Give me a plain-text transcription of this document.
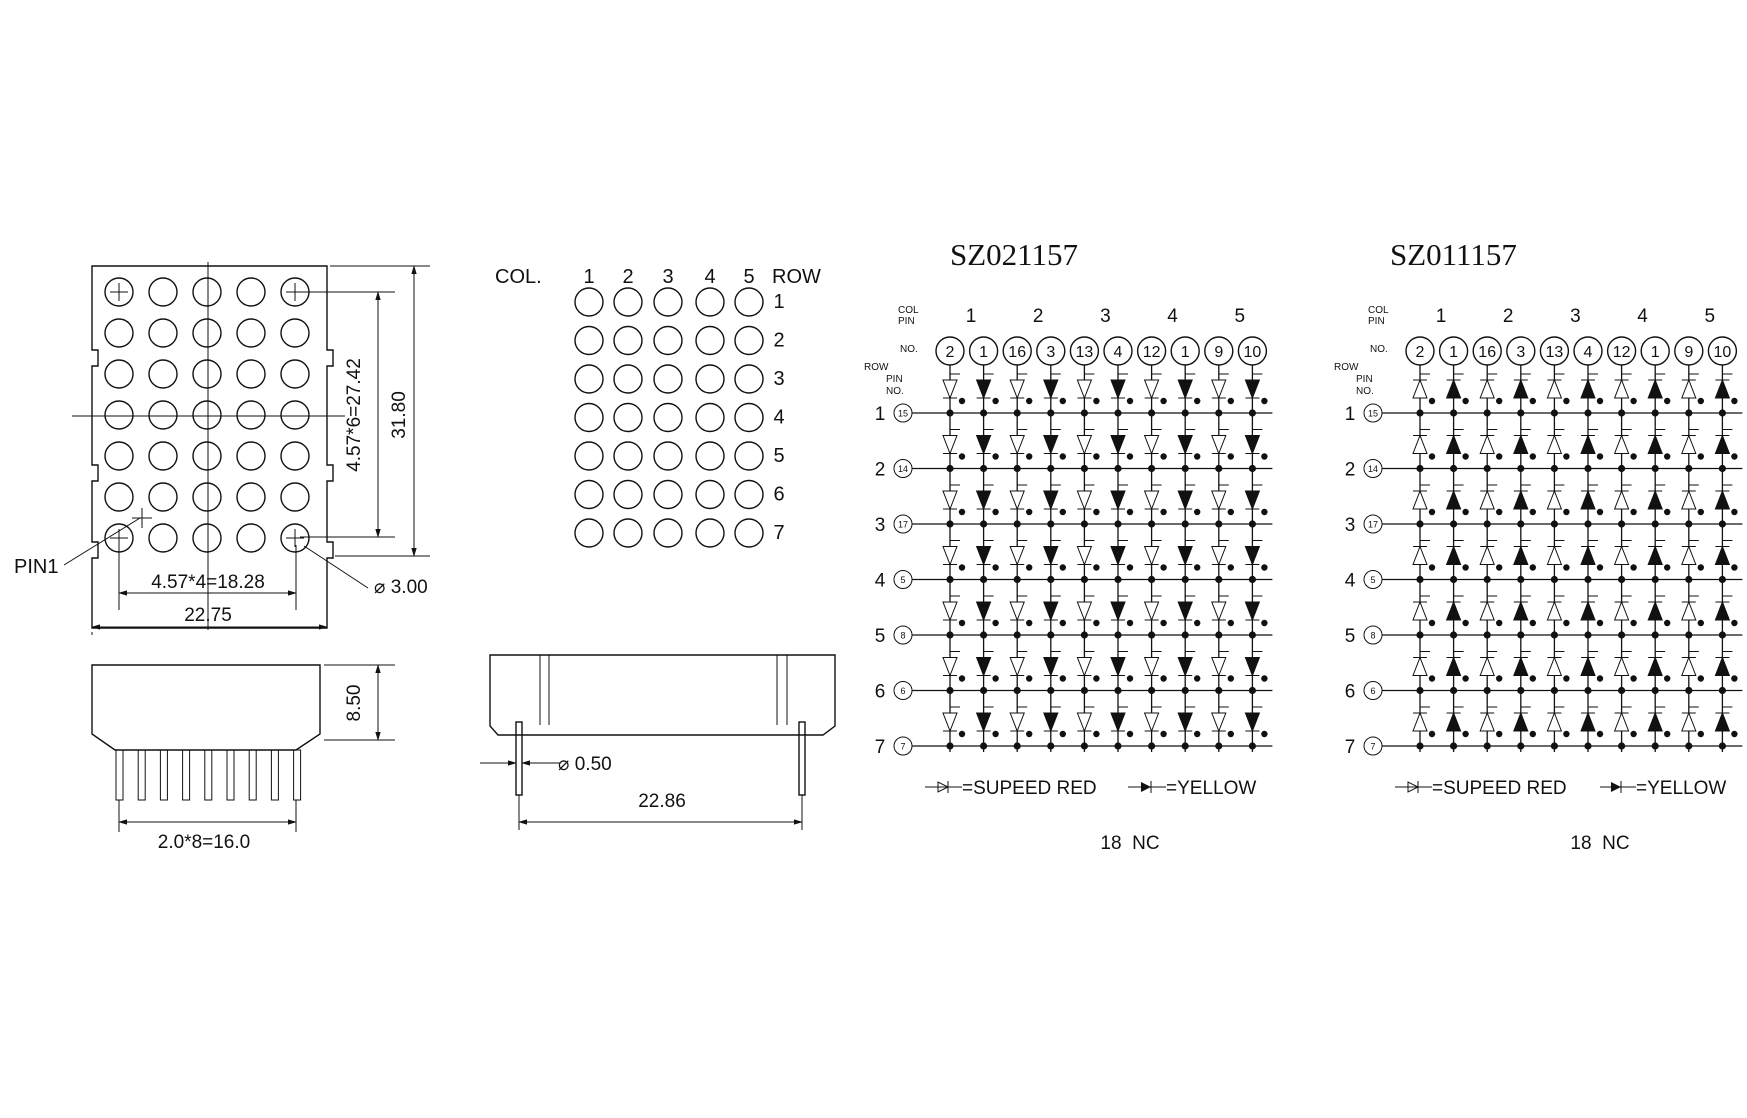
PIN1
4.57*4=18.28
22.75
4.57*6=27.42 31.80
⌀ 3.00
2.0*8=16.0
8.50
COL.	ROW
1 2 3 4 5
1
2
3
4
5
6
7
⌀ 0.50
22.86
SZ021157
COL
PIN
NO.
ROW
PIN
NO.
1	2	3	4	5
2 1 16 3 13 4 12 1 9 10
1 15
2 14
3 17
4 5
5 8
6 6
7 7
=SUPEED RED	=YELLOW
18  NC
SZ011157
COL
PIN
NO.
ROW
PIN
NO.
1	2	3	4	5
2 1 16 3 13 4 12 1 9 10
1 15
2 14
3 17
4 5
5 8
6 6
7 7
=SUPEED RED	=YELLOW
18  NC
